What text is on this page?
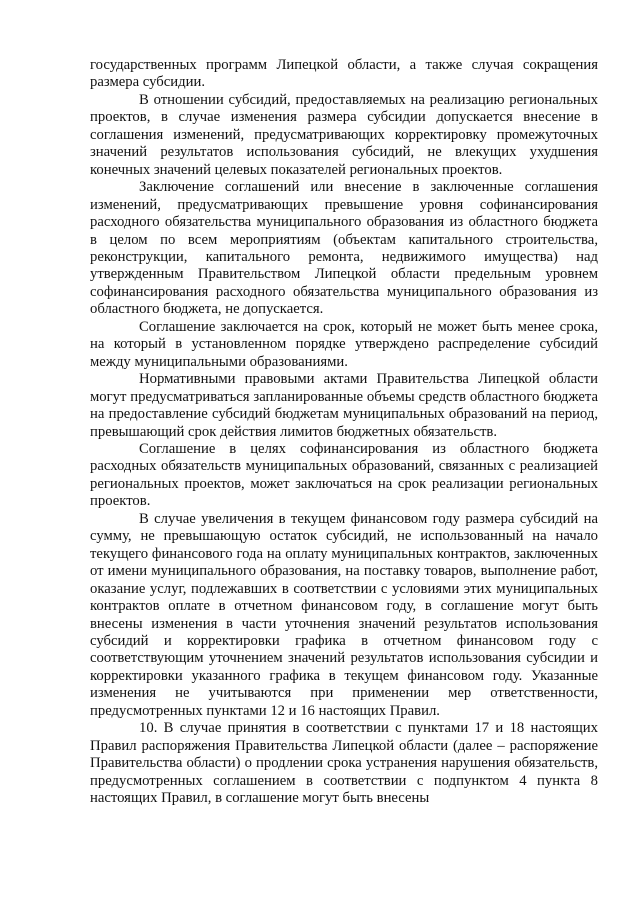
государственных программ Липецкой области, а также случая сокращения размера субсидии.

В отношении субсидий, предоставляемых на реализацию региональных проектов, в случае изменения размера субсидии допускается внесение в соглашения изменений, предусматривающих корректировку промежуточных значений результатов использования субсидий, не влекущих ухудшения конечных значений целевых показателей региональных проектов.

Заключение соглашений или внесение в заключенные соглашения изменений, предусматривающих превышение уровня софинансирования расходного обязательства муниципального образования из областного бюджета в целом по всем мероприятиям (объектам капитального строительства, реконструкции, капитального ремонта, недвижимого имущества) над утвержденным Правительством Липецкой области предельным уровнем софинансирования расходного обязательства муниципального образования из областного бюджета, не допускается.

Соглашение заключается на срок, который не может быть менее срока, на который в установленном порядке утверждено распределение субсидий между муниципальными образованиями.

Нормативными правовыми актами Правительства Липецкой области могут предусматриваться запланированные объемы средств областного бюджета на предоставление субсидий бюджетам муниципальных образований на период, превышающий срок действия лимитов бюджетных обязательств.

Соглашение в целях софинансирования из областного бюджета расходных обязательств муниципальных образований, связанных с реализацией региональных проектов, может заключаться на срок реализации региональных проектов.

В случае увеличения в текущем финансовом году размера субсидий на сумму, не превышающую остаток субсидий, не использованный на начало текущего финансового года на оплату муниципальных контрактов, заключенных от имени муниципального образования, на поставку товаров, выполнение работ, оказание услуг, подлежавших в соответствии с условиями этих муниципальных контрактов оплате в отчетном финансовом году, в соглашение могут быть внесены изменения в части уточнения значений результатов использования субсидий и корректировки графика в отчетном финансовом году с соответствующим уточнением значений результатов использования субсидии и корректировки указанного графика в текущем финансовом году. Указанные изменения не учитываются при применении мер ответственности, предусмотренных пунктами 12 и 16 настоящих Правил.

10. В случае принятия в соответствии с пунктами 17 и 18 настоящих Правил распоряжения Правительства Липецкой области (далее – распоряжение Правительства области) о продлении срока устранения нарушения обязательств, предусмотренных соглашением в соответствии с подпунктом 4 пункта 8 настоящих Правил, в соглашение могут быть внесены
